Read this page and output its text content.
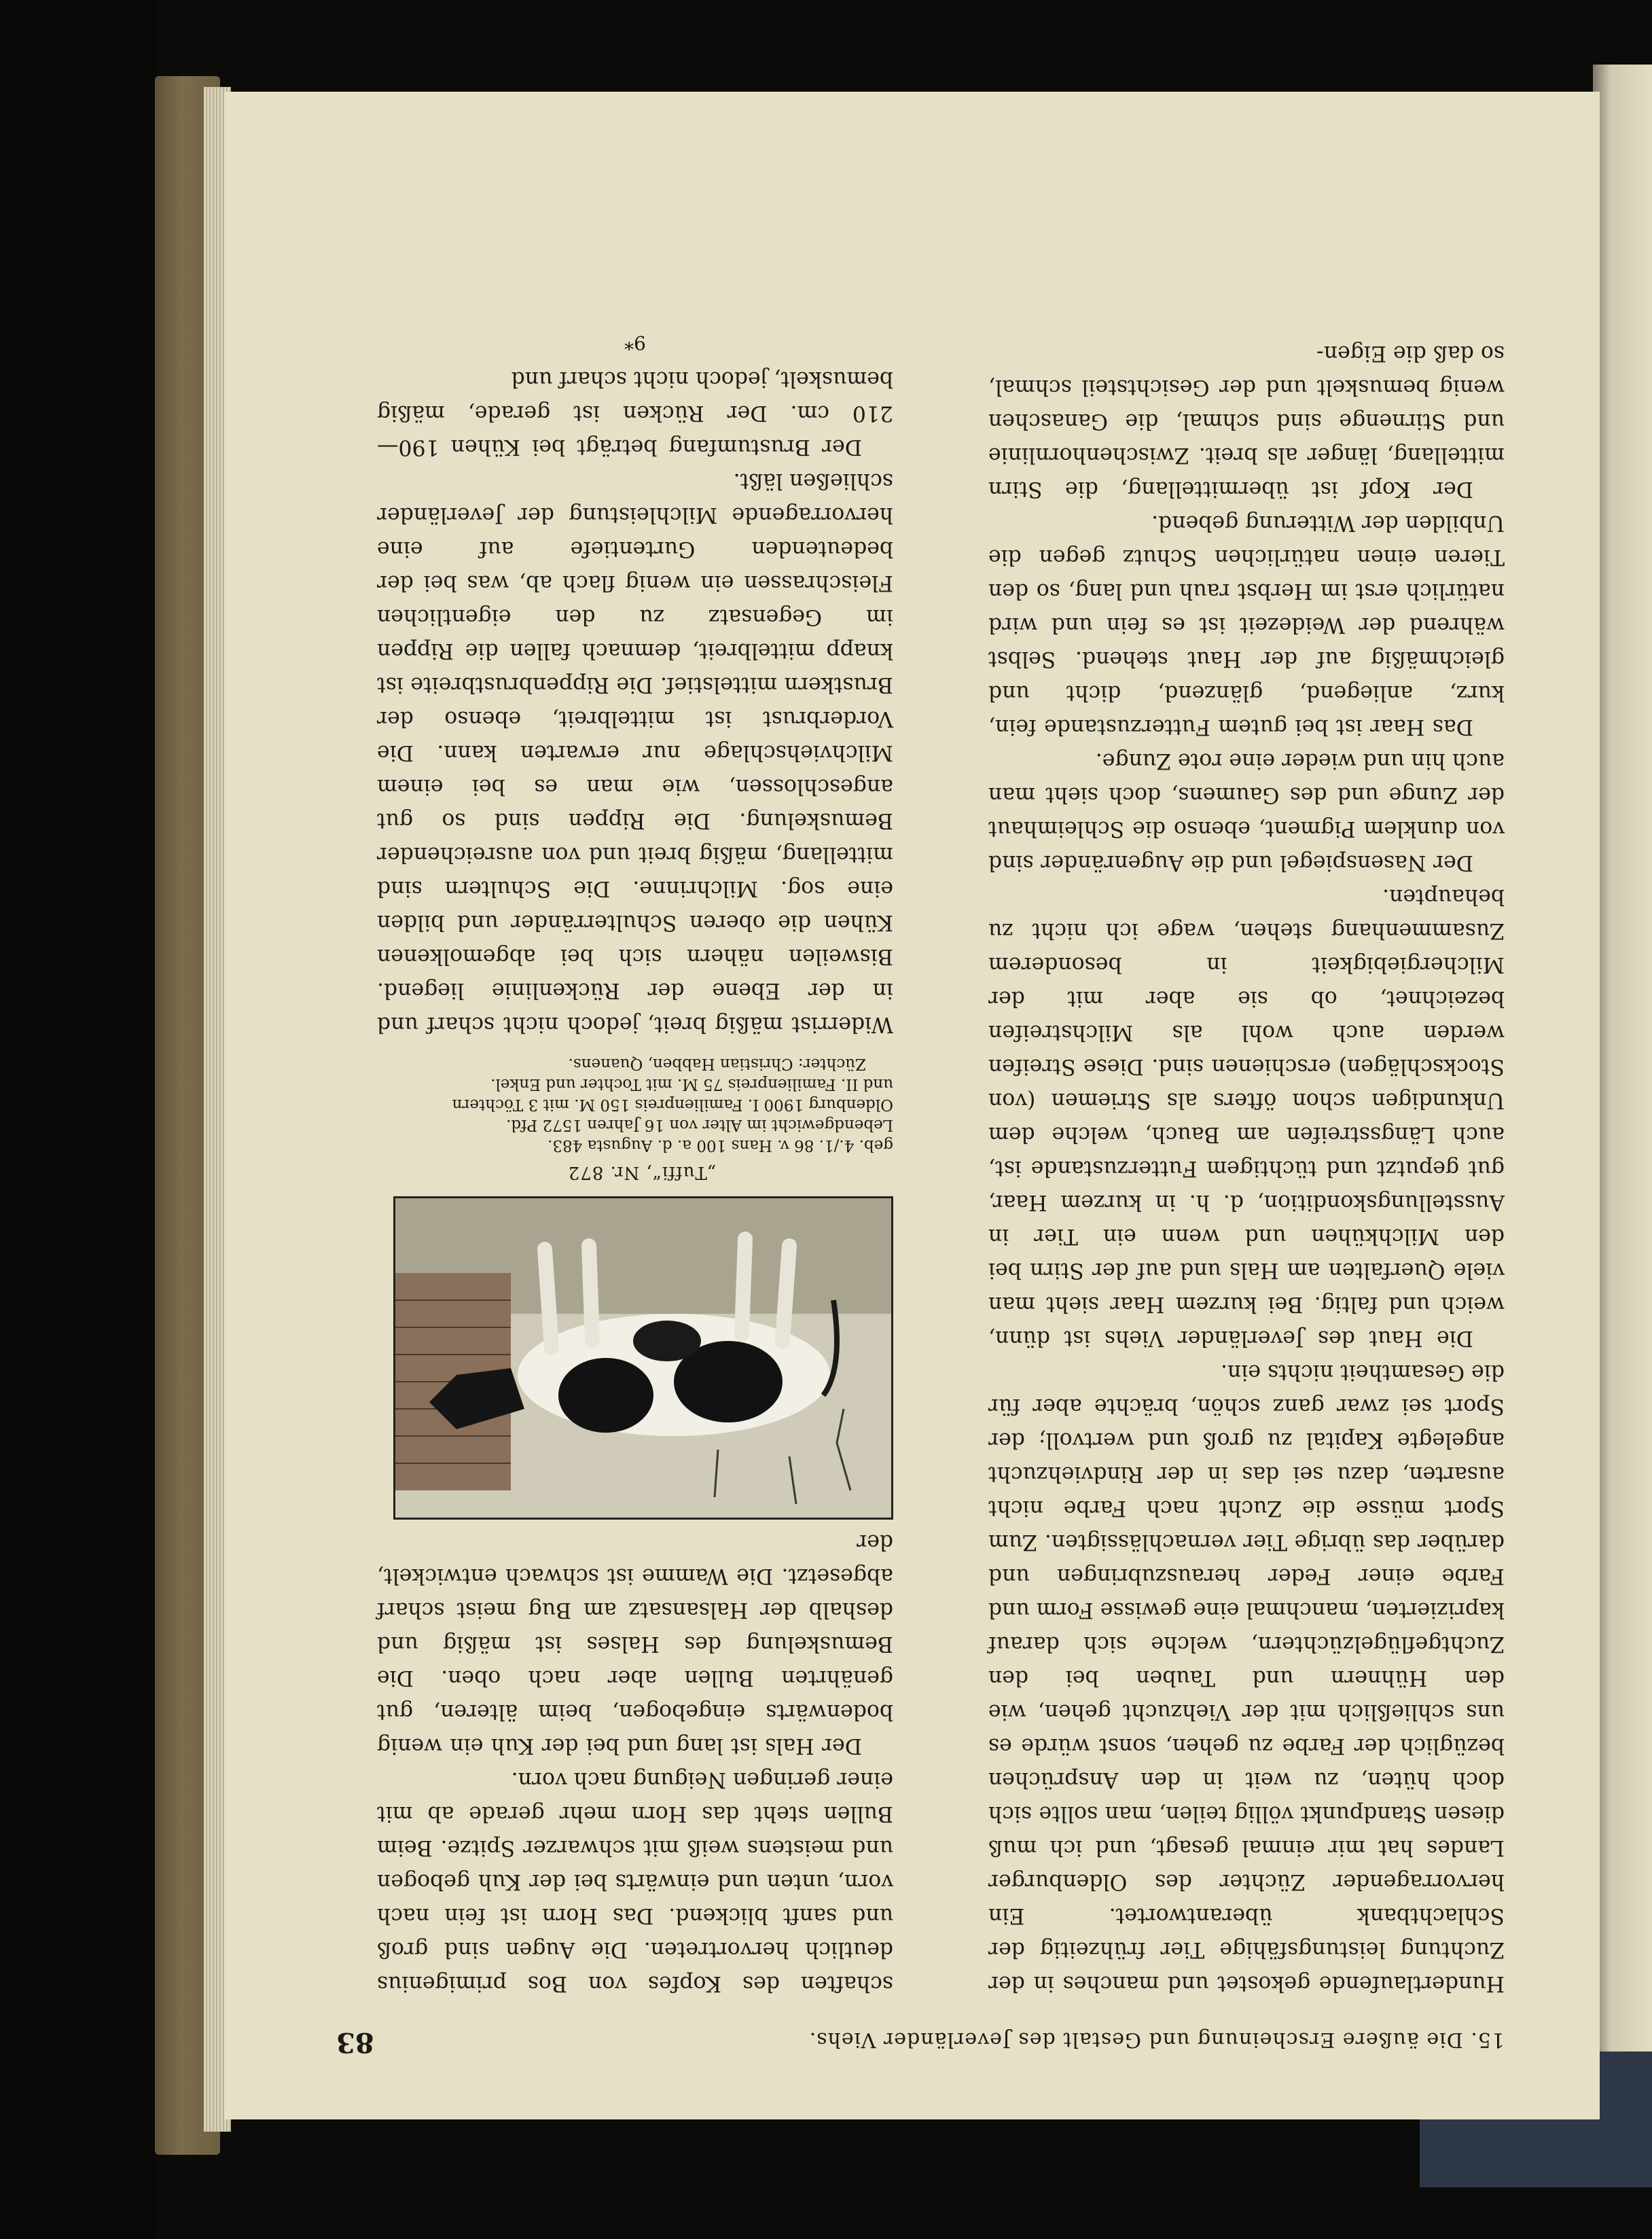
15. Die äußere Erscheinung und Gestalt des Jeverländer Viehs.
83

Hundertlaufende gekostet und manches in der Zuchtung leistungsfähige Tier frühzeitig der Schlachtbank überantwortet. Ein hervorragender Züchter des Oldenburger Landes hat mir einmal gesagt, und ich muß diesen Standpunkt völlig teilen, man sollte sich doch hüten, zu weit in den Ansprüchen bezüglich der Farbe zu gehen, sonst würde es uns schließlich mit der Viehzucht gehen, wie den Hühnern und Tauben bei den Zuchtgeflügelzüchtern, welche sich darauf kaprizierten, manchmal eine gewisse Form und Farbe einer Feder herauszubringen und darüber das übrige Tier vernachlässigten. Zum Sport müsse die Zucht nach Farbe nicht ausarten, dazu sei das in der Rindviehzucht angelegte Kapital zu groß und wertvoll; der Sport sei zwar ganz schön, brächte aber für die Gesamtheit nichts ein.

Die Haut des Jeverländer Viehs ist dünn, weich und faltig. Bei kurzem Haar sieht man viele Querfalten am Hals und auf der Stirn bei den Milchkühen und wenn ein Tier in Ausstellungskondition, d. h. in kurzem Haar, gut geputzt und tüchtigem Futterzustande ist, auch Längsstreifen am Bauch, welche dem Unkundigen schon öfters als Striemen (von Stockschlägen) erschienen sind. Diese Streifen werden auch wohl als Milchstreifen bezeichnet, ob sie aber mit der Milchergiebigkeit in besonderem Zusammenhang stehen, wage ich nicht zu behaupten.

Der Nasenspiegel und die Augenränder sind von dunklem Pigment, ebenso die Schleimhaut der Zunge und des Gaumens, doch sieht man auch hin und wieder eine rote Zunge.

Das Haar ist bei gutem Futterzustande fein, kurz, anliegend, glänzend, dicht und gleichmäßig auf der Haut stehend. Selbst während der Weidezeit ist es fein und wird natürlich erst im Herbst rauh und lang, so den Tieren einen natürlichen Schutz gegen die Unbilden der Witterung gebend.

Der Kopf ist übermittellang, die Stirn mittellang, länger als breit. Zwischenhornlinie und Stirnenge sind schmal, die Ganaschen wenig bemuskelt und der Gesichtsteil schmal, so daß die Eigen-

schaften des Kopfes von Bos primigenius deutlich hervortreten. Die Augen sind groß und sanft blickend. Das Horn ist fein nach vorn, unten und einwärts bei der Kuh gebogen und meistens weiß mit schwarzer Spitze. Beim Bullen steht das Horn mehr gerade ab mit einer geringen Neigung nach vorn.

Der Hals ist lang und bei der Kuh ein wenig bodenwärts eingebogen, beim älteren, gut genährten Bullen aber nach oben. Die Bemuskelung des Halses ist mäßig und deshalb der Halsansatz am Bug meist scharf abgesetzt. Die Wamme ist schwach entwickelt, der

„Tuffi“, Nr. 872
geb. 4./1. 86 v. Hans 100 a. d. Augusta 483.
Lebendgewicht im Alter von 16 Jahren 1572 Pfd.
Oldenburg 1900 I. Familienpreis 150 M. mit 3 Töchtern
und II. Familienpreis 75 M. mit Tochter und Enkel.
Züchter: Christian Habben, Quanens.

Widerrist mäßig breit, jedoch nicht scharf und in der Ebene der Rückenlinie liegend. Bisweilen nähern sich bei abgemolkenen Kühen die oberen Schulterränder und bilden eine sog. Milchrinne. Die Schultern sind mittellang, mäßig breit und von ausreichender Bemuskelung. Die Rippen sind so gut angeschlossen, wie man es bei einem Milchviehschlage nur erwarten kann. Die Vorderbrust ist mittelbreit, ebenso der Brustkern mittelstief. Die Rippenbrustbreite ist knapp mittelbreit, demnach fallen die Rippen im Gegensatz zu den eigentlichen Fleischrassen ein wenig flach ab, was bei der bedeutenden Gurtentiefe auf eine hervorragende Milchleistung der Jeverländer schließen läßt.

Der Brustumfang beträgt bei Kühen 190—210 cm. Der Rücken ist gerade, mäßig bemuskelt, jedoch nicht scharf und

9*
